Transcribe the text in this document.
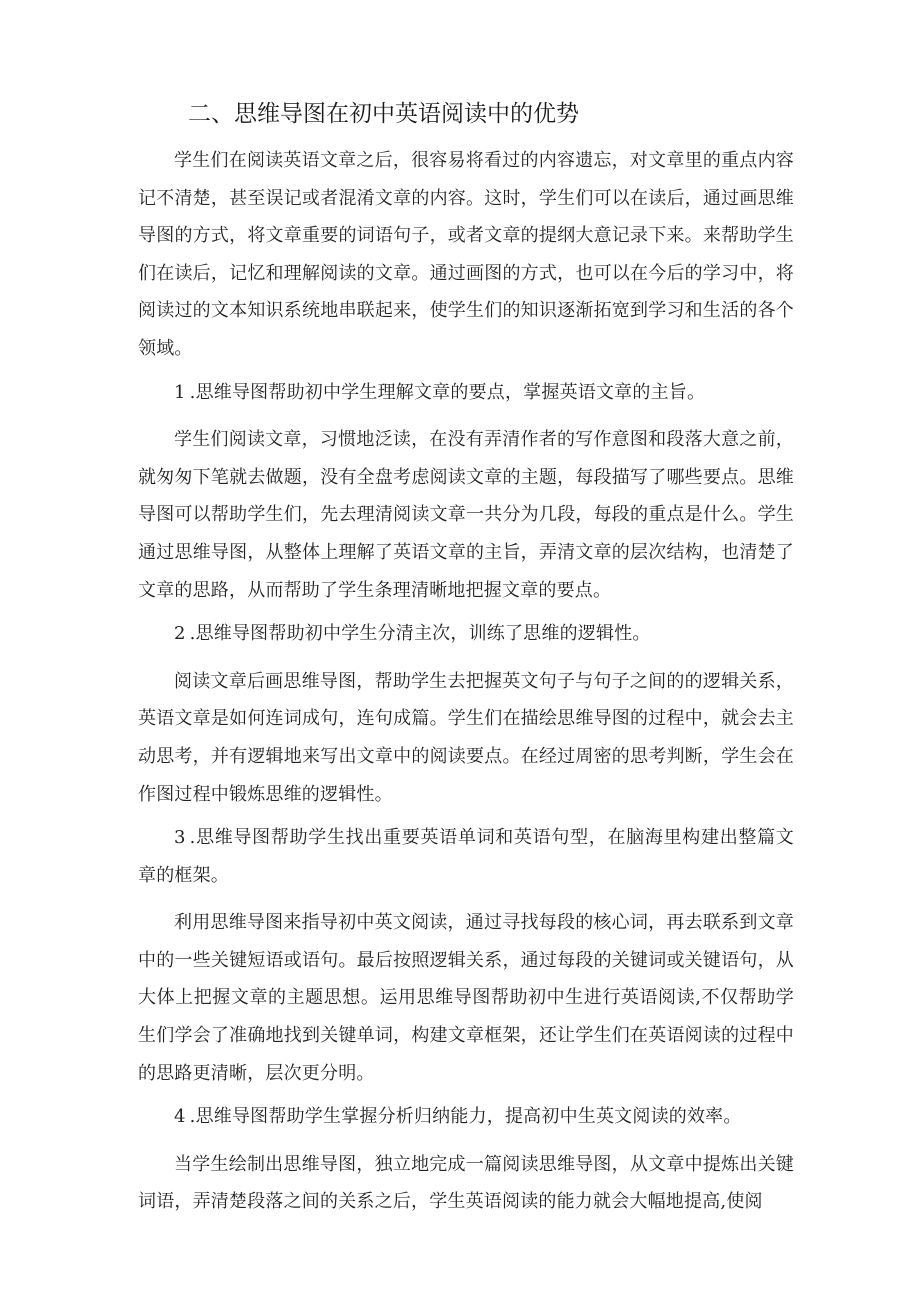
二、思维导图在初中英语阅读中的优势

学生们在阅读英语文章之后，很容易将看过的内容遗忘，对文章里的重点内容记不清楚，甚至误记或者混淆文章的内容。这时，学生们可以在读后，通过画思维导图的方式，将文章重要的词语句子，或者文章的提纲大意记录下来。来帮助学生们在读后，记忆和理解阅读的文章。通过画图的方式，也可以在今后的学习中，将阅读过的文本知识系统地串联起来，使学生们的知识逐渐拓宽到学习和生活的各个领域。

1 .思维导图帮助初中学生理解文章的要点，掌握英语文章的主旨。

学生们阅读文章，习惯地泛读，在没有弄清作者的写作意图和段落大意之前，就匆匆下笔就去做题，没有全盘考虑阅读文章的主题，每段描写了哪些要点。思维导图可以帮助学生们，先去理清阅读文章一共分为几段，每段的重点是什么。学生通过思维导图，从整体上理解了英语文章的主旨，弄清文章的层次结构，也清楚了文章的思路，从而帮助了学生条理清晰地把握文章的要点。

2 .思维导图帮助初中学生分清主次，训练了思维的逻辑性。

阅读文章后画思维导图，帮助学生去把握英文句子与句子之间的的逻辑关系，英语文章是如何连词成句，连句成篇。学生们在描绘思维导图的过程中，就会去主动思考，并有逻辑地来写出文章中的阅读要点。在经过周密的思考判断，学生会在作图过程中锻炼思维的逻辑性。

3 .思维导图帮助学生找出重要英语单词和英语句型，在脑海里构建出整篇文章的框架。

利用思维导图来指导初中英文阅读，通过寻找每段的核心词，再去联系到文章中的一些关键短语或语句。最后按照逻辑关系，通过每段的关键词或关键语句，从大体上把握文章的主题思想。运用思维导图帮助初中生进行英语阅读,不仅帮助学生们学会了准确地找到关键单词，构建文章框架，还让学生们在英语阅读的过程中的思路更清晰，层次更分明。

4 .思维导图帮助学生掌握分析归纳能力，提高初中生英文阅读的效率。

当学生绘制出思维导图，独立地完成一篇阅读思维导图，从文章中提炼出关键词语，弄清楚段落之间的关系之后，学生英语阅读的能力就会大幅地提高,使阅
